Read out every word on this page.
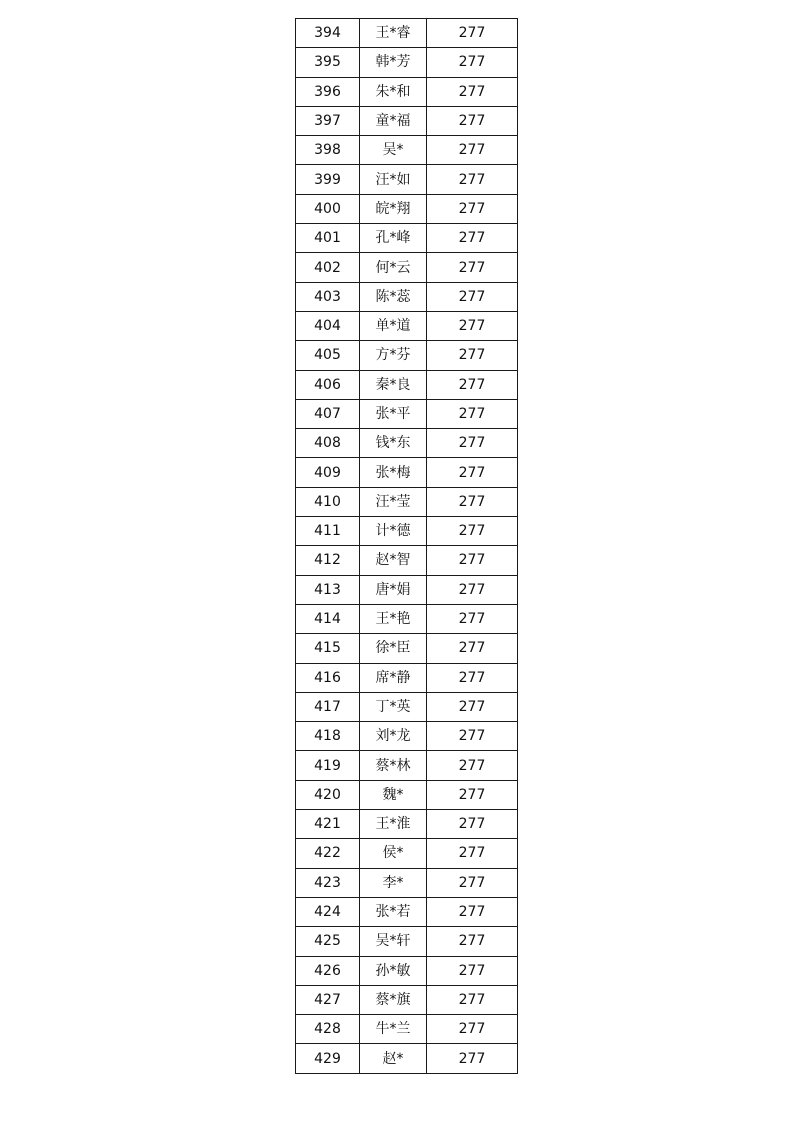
394	王*睿	277
395	韩*芳	277
396	朱*和	277
397	童*福	277
398	吴*	277
399	汪*如	277
400	皖*翔	277
401	孔*峰	277
402	何*云	277
403	陈*蕊	277
404	单*道	277
405	方*芬	277
406	秦*良	277
407	张*平	277
408	钱*东	277
409	张*梅	277
410	汪*莹	277
411	计*德	277
412	赵*智	277
413	唐*娟	277
414	王*艳	277
415	徐*臣	277
416	席*静	277
417	丁*英	277
418	刘*龙	277
419	蔡*林	277
420	魏*	277
421	王*淮	277
422	侯*	277
423	李*	277
424	张*若	277
425	吴*轩	277
426	孙*敏	277
427	蔡*旗	277
428	牛*兰	277
429	赵*	277
